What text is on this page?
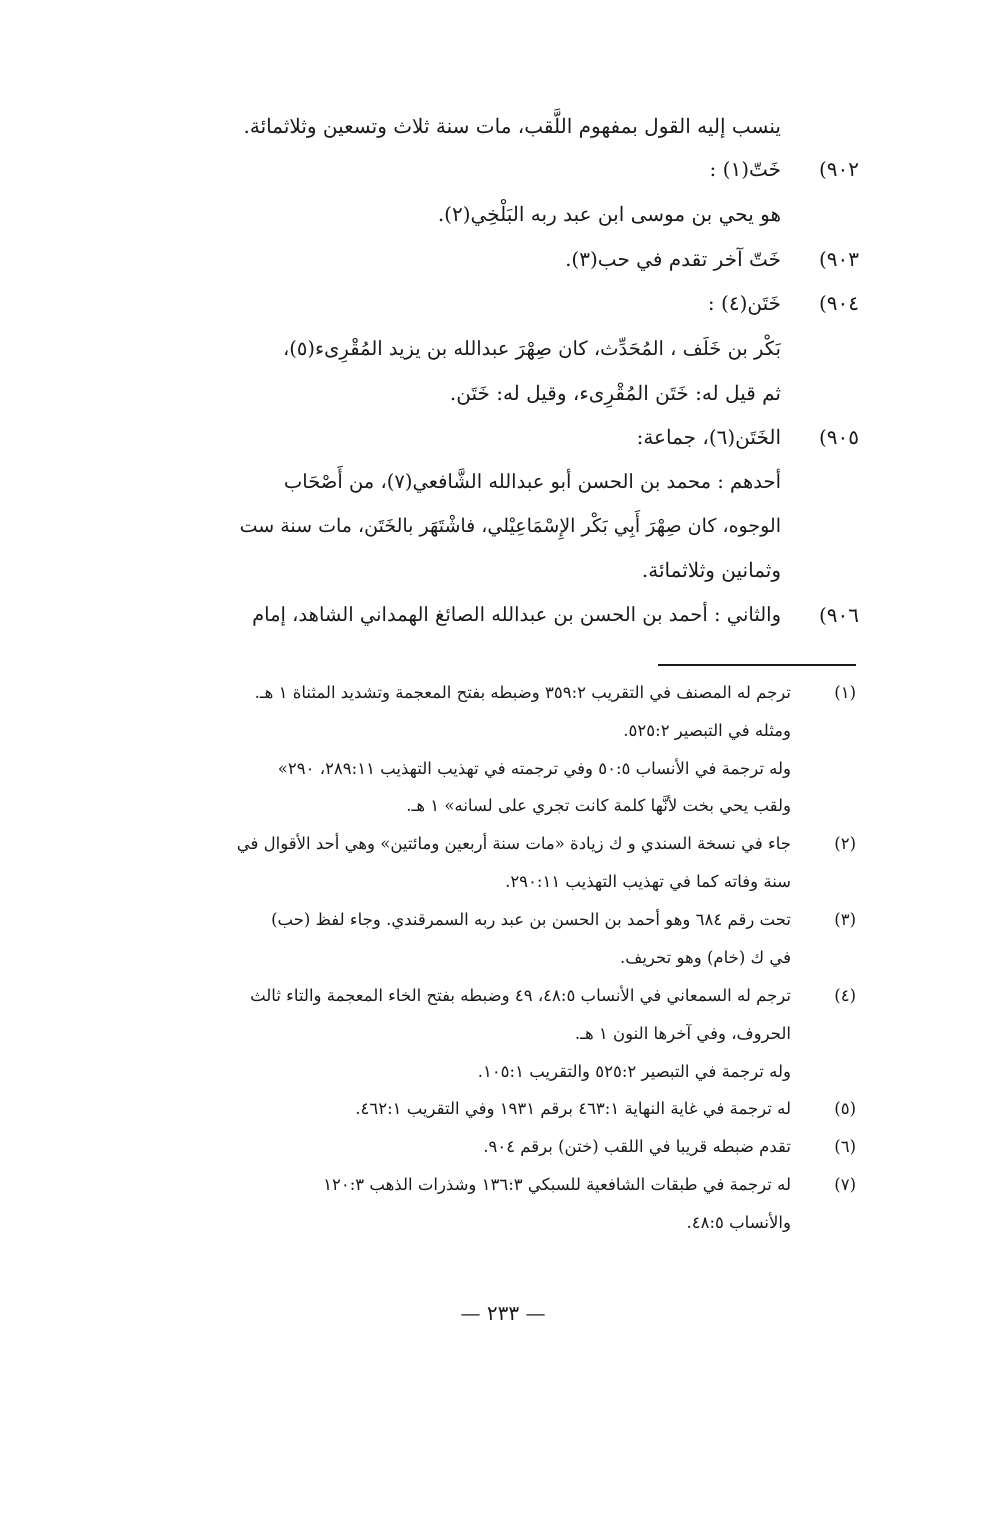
ينسب إليه القول بمفهوم اللَّقب، مات سنة ثلاث وتسعين وثلاثمائة.
٩٠٢)
خَتّ(١) :
هو يحي بن موسى ابن عبد ربه البَلْخِي(٢).
٩٠٣)
خَتّ آخر تقدم في حب(٣).
٩٠٤)
خَتَن(٤) :
بَكْر بن خَلَف ، المُحَدِّث، كان صِهْرَ عبدالله بن يزيد المُقْرِىء(٥)،
ثم قيل له: خَتَن المُقْرِىء، وقيل له: خَتَن.
٩٠٥)
الخَتَن(٦)، جماعة:
أحدهم : محمد بن الحسن أبو عبدالله الشَّافعي(٧)، من أَصْحَاب
الوجوه، كان صِهْرَ أَبِي بَكْر الإِسْمَاعِيْلي، فاشْتَهَر بالخَتَن، مات سنة ست
وثمانين وثلاثمائة.
٩٠٦)
والثاني : أحمد بن الحسن بن عبدالله الصائغ الهمداني الشاهد، إمام
(١)
ترجم له المصنف في التقريب ٣٥٩:٢ وضبطه بفتح المعجمة وتشديد المثناة ١ هـ.
ومثله في التبصير ٥٢٥:٢.
وله ترجمة في الأنساب ٥٠:٥ وفي ترجمته في تهذيب التهذيب ٢٨٩:١١، ٢٩٠»
ولقب يحي بخت لأنَّها كلمة كانت تجري على لسانه» ١ هـ.
(٢)
جاء في نسخة السندي و ك زيادة «مات سنة أربعين ومائتين» وهي أحد الأقوال في
سنة وفاته كما في تهذيب التهذيب ٢٩٠:١١.
(٣)
تحت رقم ٦٨٤ وهو أحمد بن الحسن بن عبد ربه السمرقندي. وجاء لفظ (حب)
في ك (خام) وهو تحريف.
(٤)
ترجم له السمعاني في الأنساب ٤٨:٥، ٤٩ وضبطه بفتح الخاء المعجمة والتاء ثالث
الحروف، وفي آخرها النون ١ هـ.
وله ترجمة في التبصير ٥٢٥:٢ والتقريب ١٠٥:١.
(٥)
له ترجمة في غاية النهاية ٤٦٣:١ برقم ١٩٣١ وفي التقريب ٤٦٢:١.
(٦)
تقدم ضبطه قريبا في اللقب (ختن) برقم ٩٠٤.
(٧)
له ترجمة في طبقات الشافعية للسبكي ١٣٦:٣ وشذرات الذهب ١٢٠:٣
والأنساب ٤٨:٥.
— ٢٣٣ —
